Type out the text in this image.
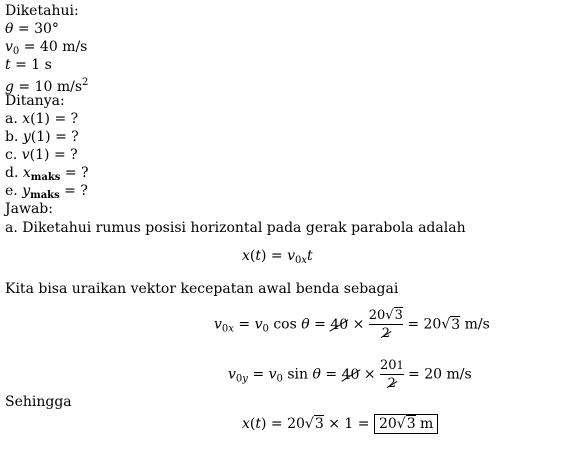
Diketahui:
θ = 30°
$v_0 = 40$ m/s
t = 1 s
g = 10 $m/s^2$
Ditanya:
a. x(1) = ?
b. y(1) = ?
c. v(1) = ?
d. $x_{maks}$ = ?
e. $y_{maks}$ = ?
Jawab:
a. Diketahui rumus posisi horizontal pada gerak parabola adalah
$x(t) = v_{0x}t$
Kita bisa uraikan vektor kecepatan awal benda sebagai
$v_{0x} = v_0$ $\cos \theta = 40 \times \frac{20√3}{2} = 20√3$ m/s
$v_{0y} = v_0$ $\sin \theta = 40 \times \frac{201}{2} = 20$ m/s
Sehingga
x(t) = 20√3 × 1 = 20√3 m
